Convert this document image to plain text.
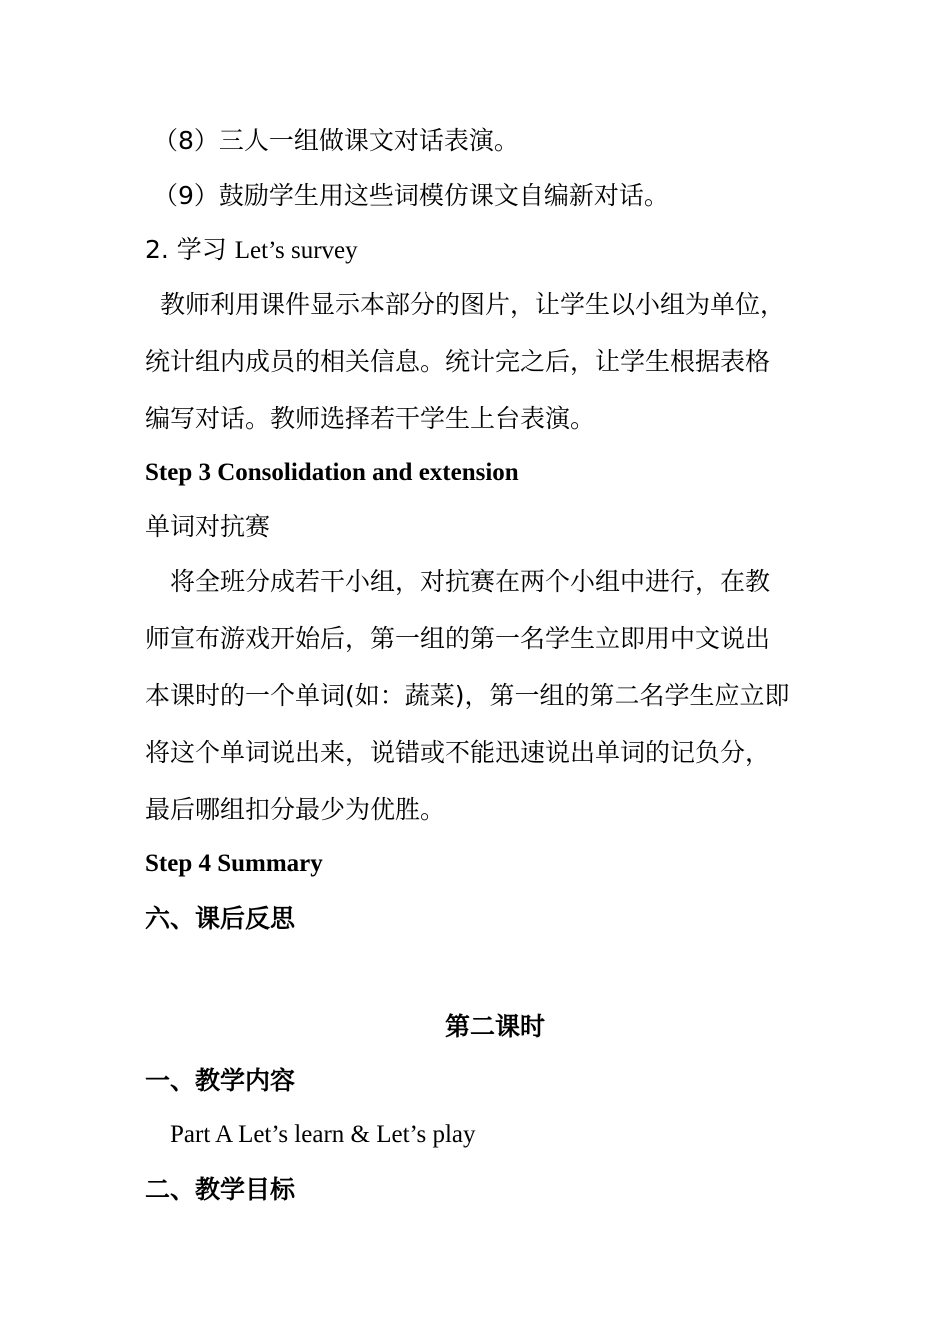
（8）三人一组做课文对话表演。
（9）鼓励学生用这些词模仿课文自编新对话。
2. 学习 Let’s survey
教师利用课件显示本部分的图片，让学生以小组为单位，
统计组内成员的相关信息。统计完之后，让学生根据表格
编写对话。教师选择若干学生上台表演。
Step 3 Consolidation and extension
单词对抗赛
将全班分成若干小组，对抗赛在两个小组中进行，在教
师宣布游戏开始后，第一组的第一名学生立即用中文说出
本课时的一个单词(如：蔬菜)，第一组的第二名学生应立即
将这个单词说出来，说错或不能迅速说出单词的记负分，
最后哪组扣分最少为优胜。
Step 4 Summary
六、课后反思
第二课时
一、教学内容
Part A Let’s learn & Let’s play
二、教学目标
